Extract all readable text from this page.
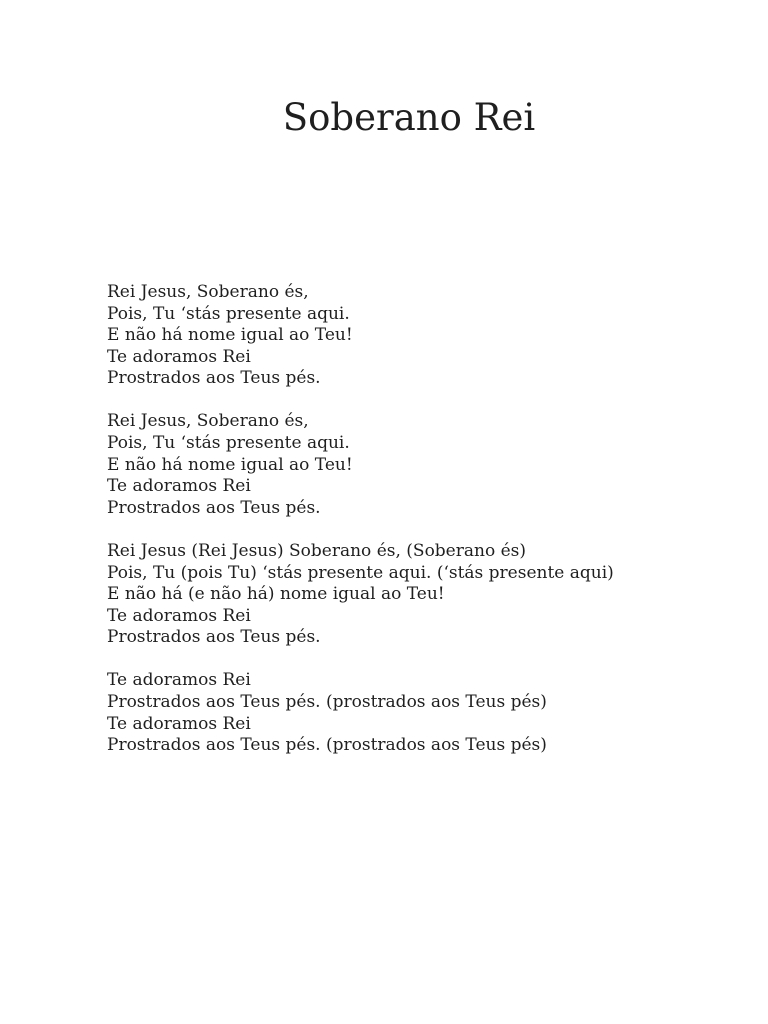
Soberano Rei
Rei Jesus, Soberano és,
Pois, Tu ‘stás presente aqui.
E não há nome igual ao Teu!
Te adoramos Rei
Prostrados aos Teus pés.
Rei Jesus, Soberano és,
Pois, Tu ‘stás presente aqui.
E não há nome igual ao Teu!
Te adoramos Rei
Prostrados aos Teus pés.
Rei Jesus (Rei Jesus) Soberano és, (Soberano és)
Pois, Tu (pois Tu) ‘stás presente aqui. (‘stás presente aqui)
E não há (e não há) nome igual ao Teu!
Te adoramos Rei
Prostrados aos Teus pés.
Te adoramos Rei
Prostrados aos Teus pés. (prostrados aos Teus pés)
Te adoramos Rei
Prostrados aos Teus pés. (prostrados aos Teus pés)
